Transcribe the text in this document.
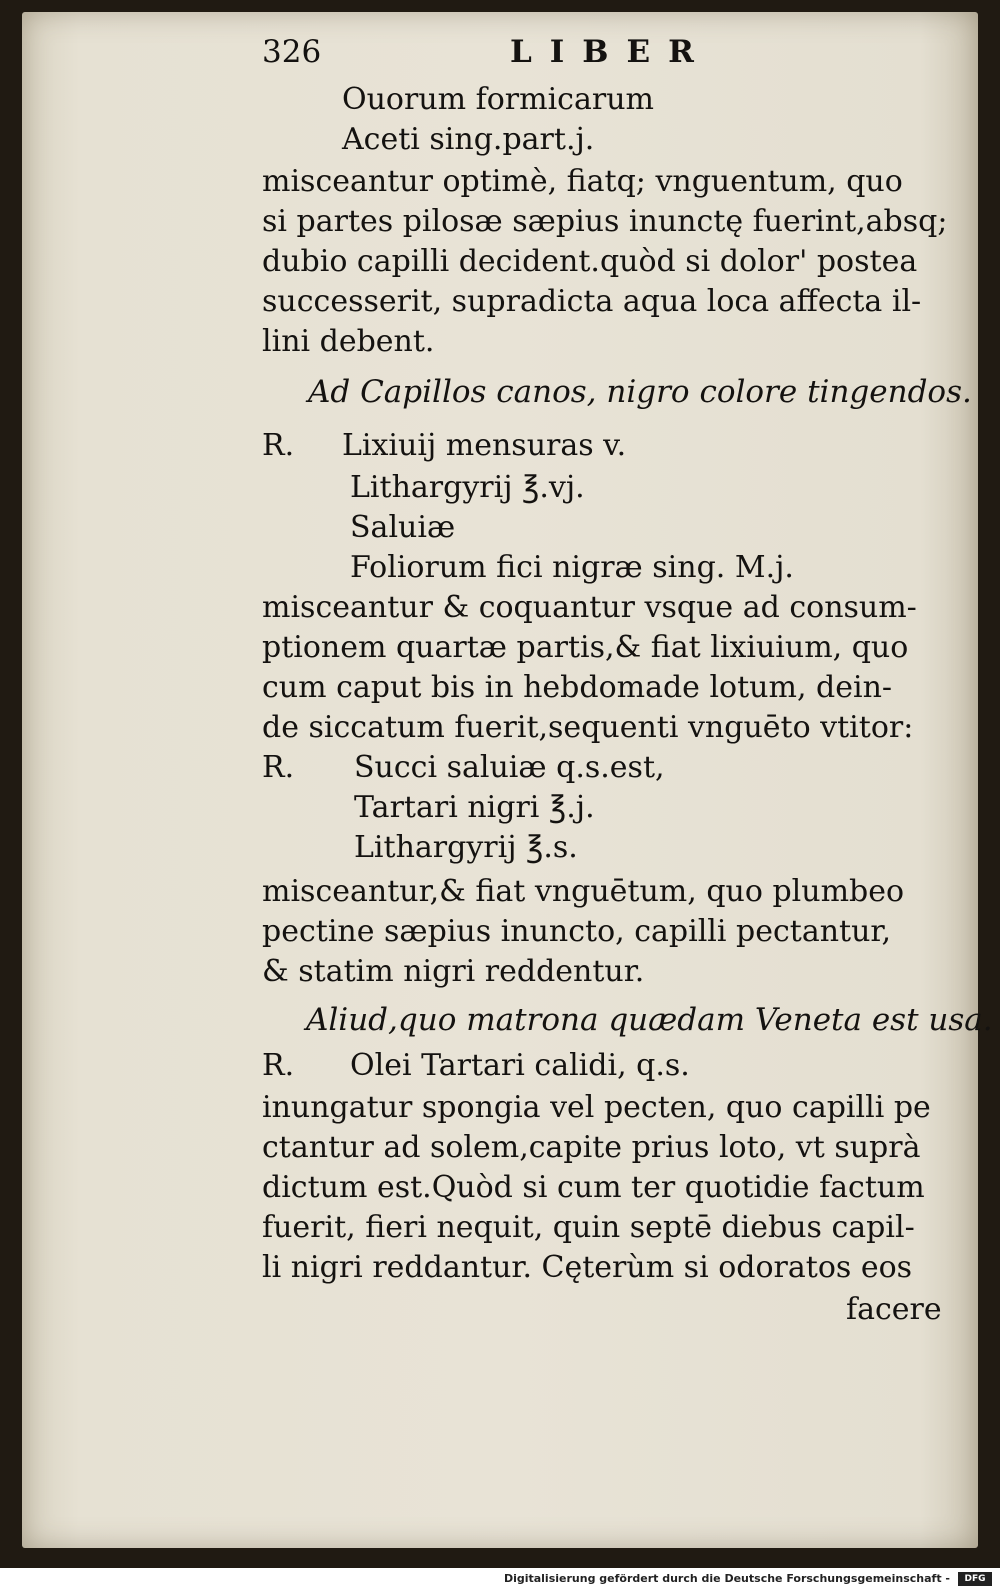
326	LIBER
Ouorum formicarum
Aceti sing.part.j.
misceantur optimè, fiatq; vnguentum, quo
si partes pilosæ sæpius inunctę fuerint,absq;
dubio capilli decident.quòd si dolor' postea
successerit, supradicta aqua loca affecta il-
lini debent.
Ad Capillos canos, nigro colore tingendos.
R. Lixiuij mensuras v.
Lithargyrij ℥.vj.
Saluiæ
Foliorum fici nigræ sing. M.j.
misceantur & coquantur vsque ad consum-
ptionem quartæ partis,& fiat lixiuium, quo
cum caput bis in hebdomade lotum, dein-
de siccatum fuerit,sequenti vnguēto vtitor:
R. Succi saluiæ q.s.est,
Tartari nigri ℥.j.
Lithargyrij ℥.s.
misceantur,& fiat vnguētum, quo plumbeo
pectine sæpius inuncto, capilli pectantur,
& statim nigri reddentur.
Aliud,quo matrona quædam Veneta est usa.
R. Olei Tartari calidi, q.s.
inungatur spongia vel pecten, quo capilli pe
ctantur ad solem,capite prius loto, vt suprà
dictum est.Quòd si cum ter quotidie factum
fuerit, fieri nequit, quin septē diebus capil-
li nigri reddantur. Cęterùm si odoratos eos
facere
Digitalisierung gefördert durch die Deutsche Forschungsgemeinschaft -	DFG
